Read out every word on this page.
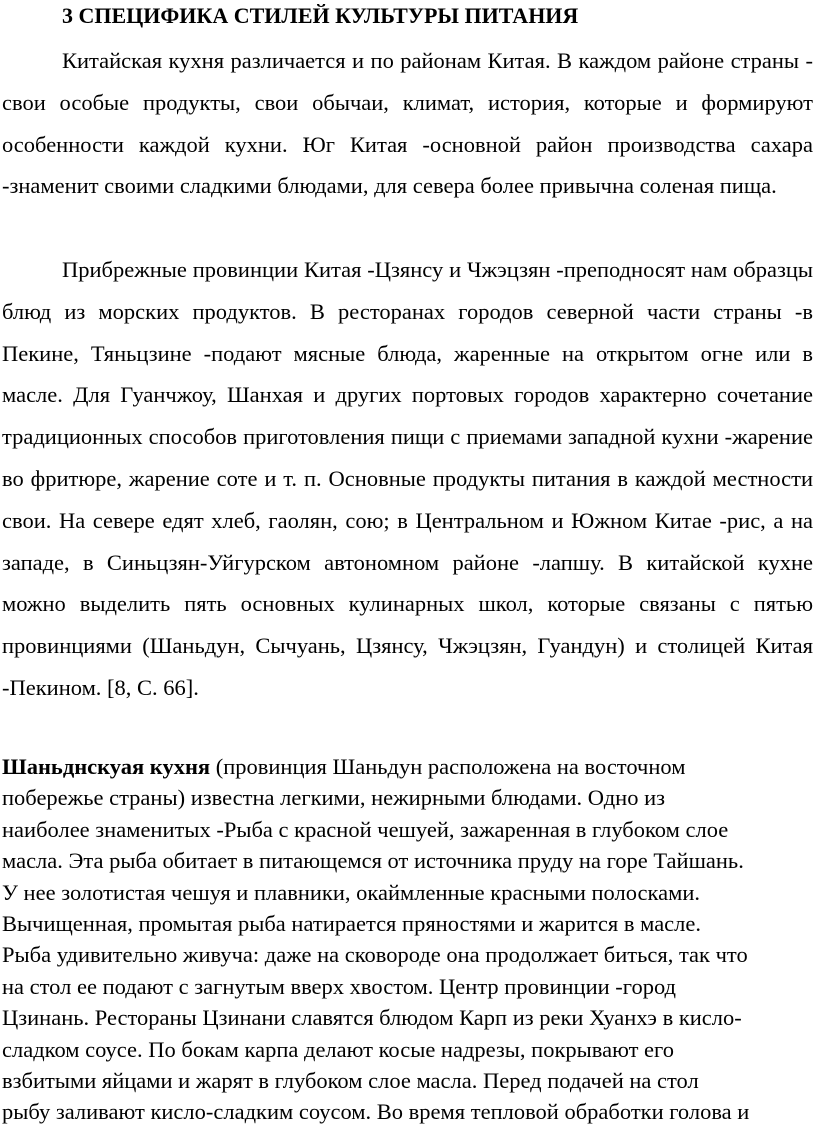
3 СПЕЦИФИКА СТИЛЕЙ КУЛЬТУРЫ ПИТАНИЯ

Китайская кухня различается и по районам Китая. В каждом районе страны - свои особые продукты, свои обычаи, климат, история, которые и формируют особенности каждой кухни. Юг Китая -основной район производства сахара -знаменит своими сладкими блюдами, для севера более привычна соленая пища.

Прибрежные провинции Китая -Цзянсу и Чжэцзян -преподносят нам образцы блюд из морских продуктов. В ресторанах городов северной части страны -в Пекине, Тяньцзине -подают мясные блюда, жаренные на открытом огне или в масле. Для Гуанчжоу, Шанхая и других портовых городов характерно сочетание традиционных способов приготовления пищи с приемами западной кухни -жарение во фритюре, жарение соте и т. п. Основные продукты питания в каждой местности свои. На севере едят хлеб, гаолян, сою; в Центральном и Южном Китае -рис, а на западе, в Синьцзян-Уйгурском автономном районе -лапшу. В китайской кухне можно выделить пять основных кулинарных школ, которые связаны с пятью провинциями (Шаньдун, Сычуань, Цзянсу, Чжэцзян, Гуандун) и столицей Китая -Пекином. [8, С. 66].

Шаньднскуая кухня (провинция Шаньдун расположена на восточном
побережье страны) известна легкими, нежирными блюдами. Одно из
наиболее знаменитых -Рыба с красной чешуей, зажаренная в глубоком слое
масла. Эта рыба обитает в питающемся от источника пруду на горе Тайшань.
У нее золотистая чешуя и плавники, окаймленные красными полосками.
Вычищенная, промытая рыба натирается пряностями и жарится в масле.
Рыба удивительно живуча: даже на сковороде она продолжает биться, так что
на стол ее подают с загнутым вверх хвостом. Центр провинции -город
Цзинань. Рестораны Цзинани славятся блюдом Карп из реки Хуанхэ в кисло-
сладком соусе. По бокам карпа делают косые надрезы, покрывают его
взбитыми яйцами и жарят в глубоком слое масла. Перед подачей на стол
рыбу заливают кисло-сладким соусом. Во время тепловой обработки голова и
